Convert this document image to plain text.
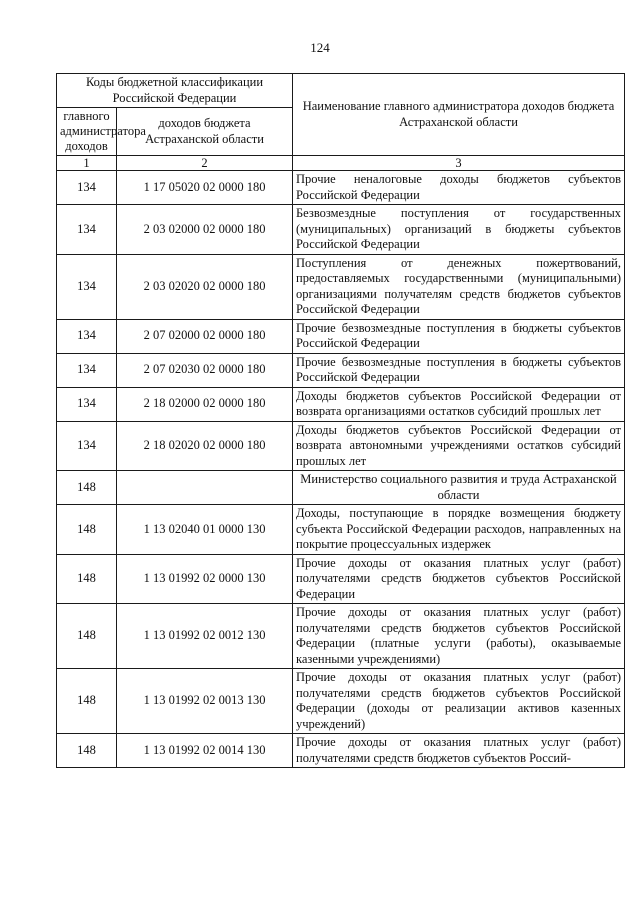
124
Коды бюджетной классификации Российской Федерации		Наименование главного администратора доходов бюджета Астраханской области
главного администратора доходов	доходов бюджета Астраханской области	
1	2	3
134	1 17 05020 02 0000 180	Прочие неналоговые доходы бюджетов субъектов Российской Федерации
134	2 03 02000 02 0000 180	Безвозмездные поступления от государственных (муниципальных) организаций в бюджеты субъектов Российской Федерации
134	2 03 02020 02 0000 180	Поступления от денежных пожертвований, предоставляемых государственными (муниципальными) организациями получателям средств бюджетов субъектов Российской Федерации
134	2 07 02000 02 0000 180	Прочие безвозмездные поступления в бюджеты субъектов Российской Федерации
134	2 07 02030 02 0000 180	Прочие безвозмездные поступления в бюджеты субъектов Российской Федерации
134	2 18 02000 02 0000 180	Доходы бюджетов субъектов Российской Федерации от возврата организациями остатков субсидий прошлых лет
134	2 18 02020 02 0000 180	Доходы бюджетов субъектов Российской Федерации от возврата автономными учреждениями остатков субсидий прошлых лет
148		Министерство социального развития и труда Астраханской области
148	1 13 02040 01 0000 130	Доходы, поступающие в порядке возмещения бюджету субъекта Российской Федерации расходов, направленных на покрытие процессуальных издержек
148	1 13 01992 02 0000 130	Прочие доходы от оказания платных услуг (работ) получателями средств бюджетов субъектов Российской Федерации
148	1 13 01992 02 0012 130	Прочие доходы от оказания платных услуг (работ) получателями средств бюджетов субъектов Российской Федерации (платные услуги (работы), оказываемые казенными учреждениями)
148	1 13 01992 02 0013 130	Прочие доходы от оказания платных услуг (работ) получателями средств бюджетов субъектов Российской Федерации (доходы от реализации активов казенных учреждений)
148	1 13 01992 02 0014 130	Прочие доходы от оказания платных услуг (работ) получателями средств бюджетов субъектов Россий-
